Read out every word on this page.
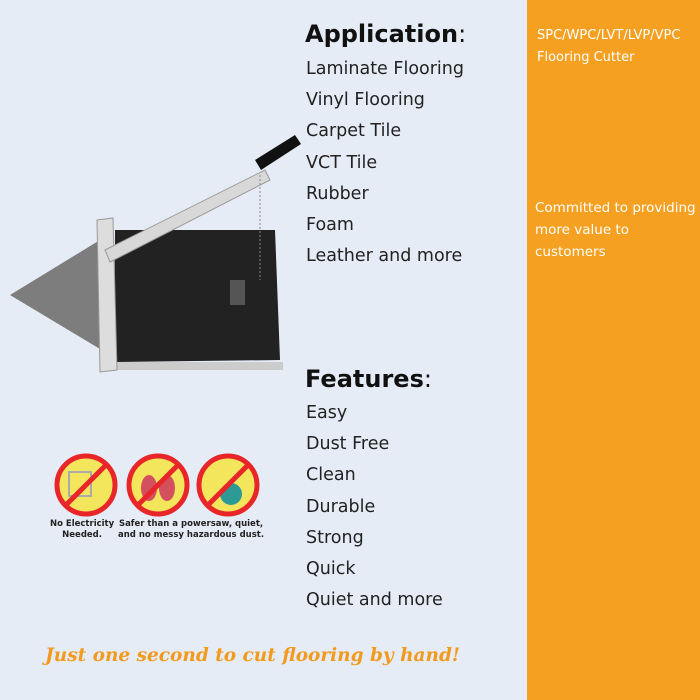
Application:
Laminate Flooring
Vinyl Flooring
Carpet Tile
VCT Tile
Rubber
Foam
Leather and more
Features:
Easy
Dust Free
Clean
Durable
Strong
Quick
Quiet and more
No Electricity
Needed.
Safer than a powersaw, quiet,
and no messy hazardous dust.
Just one second to cut flooring by hand!
SPC/WPC/LVT/LVP/VPC
Flooring Cutter
Committed to providing
more value to customers
